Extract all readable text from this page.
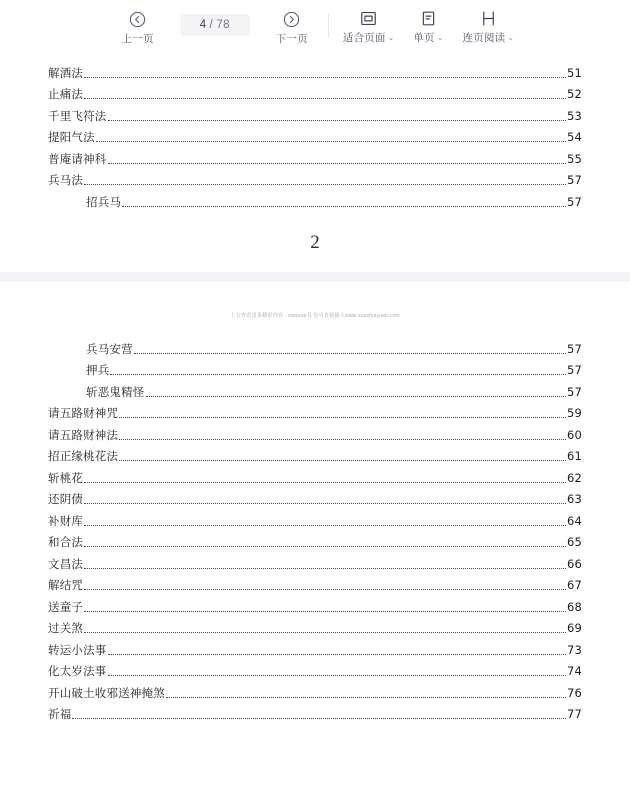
上一页
4 / 78
下一页	适合页面 ⌄ 单页 ⌄ 连页阅读 ⌄
解酒法	51
止痛法	52
千里飞符法	53
提阳气法	54
普庵请神科	55
兵马法	57
招兵马	57
2
上方查看更多精彩内容 : visuone书 也可直接输入www.xueshuiyuan.com
兵马安营	57
押兵	57
斩恶鬼精怪	57
请五路财神咒	59
请五路财神法	60
招正缘桃花法	61
斩桃花	62
还阴债	63
补财库	64
和合法	65
文昌法	66
解结咒	67
送童子	68
过关煞	69
转运小法事	73
化太岁法事	74
开山破土收邪送神掩煞	76
祈福	77
